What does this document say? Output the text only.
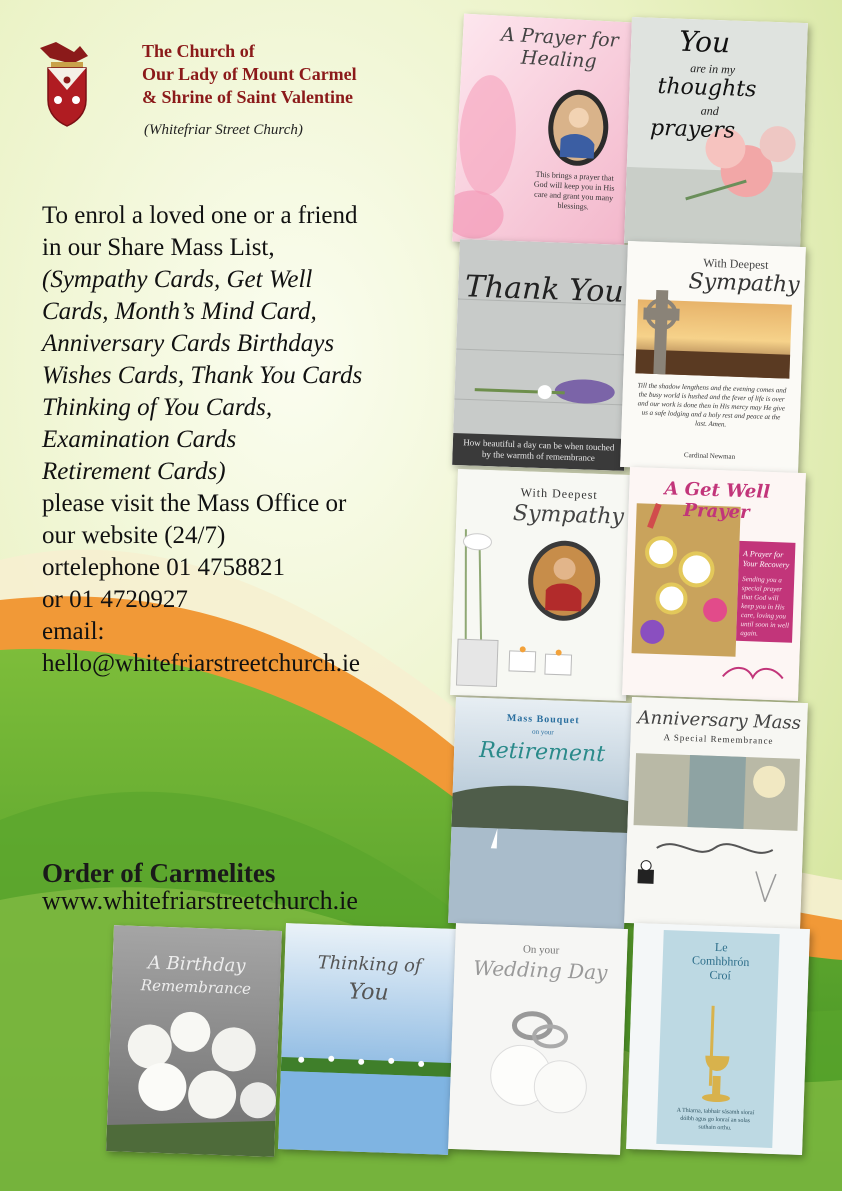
The Church of
Our Lady of Mount Carmel
& Shrine of Saint Valentine
(Whitefriar Street Church)
To enrol a loved one or a friend
in our Share Mass List,
(Sympathy Cards, Get Well
Cards, Month’s Mind Card,
Anniversary Cards Birthdays
Wishes Cards, Thank You Cards
Thinking of You Cards,
Examination Cards
Retirement Cards)
please visit the Mass Office or
our website (24/7)
ortelephone 01 4758821
or 01 4720927
email:
hello@whitefriarstreetchurch.ie
Order of Carmelites
www.whitefriarstreetchurch.ie
A Prayer for Healing
This brings a prayer that God will keep you in His care and grant you many blessings.
You
are in my
thoughts
and
prayers
Thank You
How beautiful a day can be when touched by the warmth of remembrance
With Deepest
Sympathy
Till the shadow lengthens and the evening comes and the busy world is hushed and the fever of life is over and our work is done then in His mercy may He give us a safe lodging and a holy rest and peace at the last. Amen.
Cardinal Newman
With Deepest
Sympathy
A Get Well Prayer
A Prayer for Your Recovery
Sending you a special prayer that God will keep you in His care, loving you until soon in well again.
Mass Bouquet
on your
Retirement
Anniversary Mass
A Special Remembrance
A Birthday
Remembrance
Thinking of
You
On your
Wedding Day
Le
Comhbhrón
Croí
A Thiarna, tabhair sásamh síoraí dóibh agus go lonraí an solas suthain orthu.
